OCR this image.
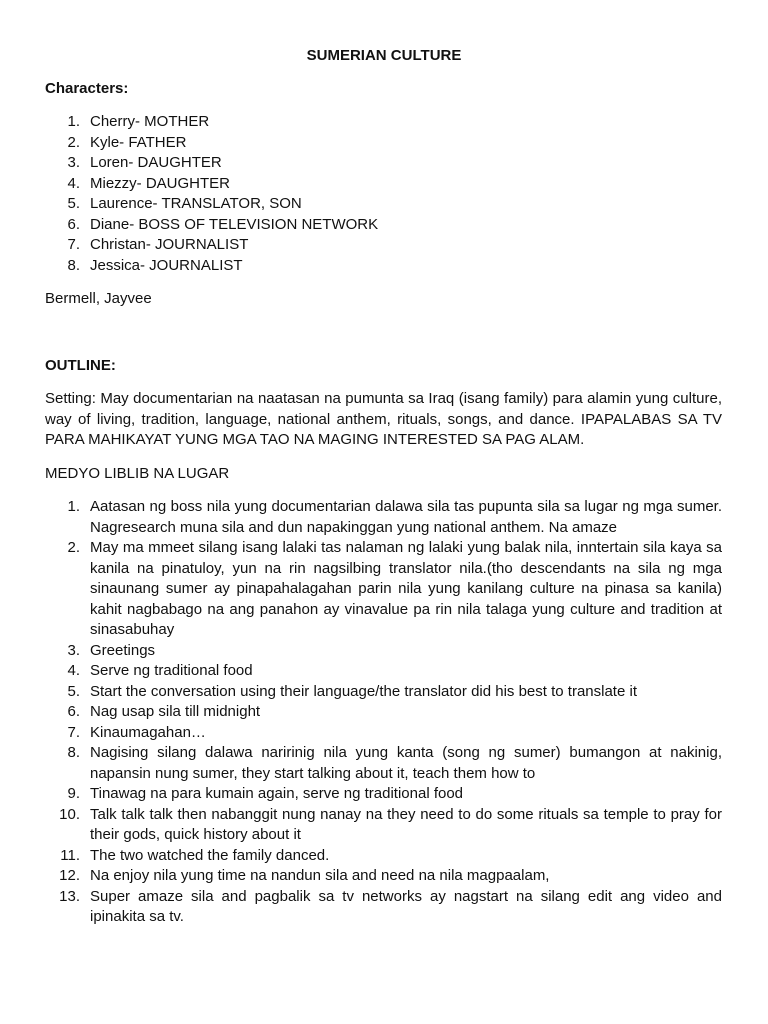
SUMERIAN CULTURE

Characters:

1. Cherry- MOTHER
2. Kyle- FATHER
3. Loren- DAUGHTER
4. Miezzy- DAUGHTER
5. Laurence- TRANSLATOR, SON
6. Diane- BOSS OF TELEVISION NETWORK
7. Christan- JOURNALIST
8. Jessica- JOURNALIST

Bermell, Jayvee

OUTLINE:

Setting: May documentarian na naatasan na pumunta sa Iraq (isang family) para alamin yung culture, way of living, tradition, language, national anthem, rituals, songs, and dance. IPAPALABAS SA TV PARA MAHIKAYAT YUNG MGA TAO NA MAGING INTERESTED SA PAG ALAM.

MEDYO LIBLIB NA LUGAR

1. Aatasan ng boss nila yung documentarian dalawa sila tas pupunta sila sa lugar ng mga sumer. Nagresearch muna sila and dun napakinggan yung national anthem. Na amaze
2. May ma mmeet silang isang lalaki tas nalaman ng lalaki yung balak nila, inntertain sila kaya sa kanila na pinatuloy, yun na rin nagsilbing translator nila.(tho descendants na sila ng mga sinaunang sumer ay pinapahalagahan parin nila yung kanilang culture na pinasa sa kanila) kahit nagbabago na ang panahon ay vinavalue pa rin nila talaga yung culture and tradition at sinasabuhay
3. Greetings
4. Serve ng traditional food
5. Start the conversation using their language/the translator did his best to translate it
6. Nag usap sila till midnight
7. Kinaumagahan…
8. Nagising silang dalawa naririnig nila yung kanta (song ng sumer) bumangon at nakinig, napansin nung sumer, they start talking about it, teach them how to
9. Tinawag na para kumain again, serve ng traditional food
10. Talk talk talk then nabanggit nung nanay na they need to do some rituals sa temple to pray for their gods, quick history about it
11. The two watched the family danced.
12. Na enjoy nila yung time na nandun sila and need na nila magpaalam,
13. Super amaze sila and pagbalik sa tv networks ay nagstart na silang edit ang video and ipinakita sa tv.
